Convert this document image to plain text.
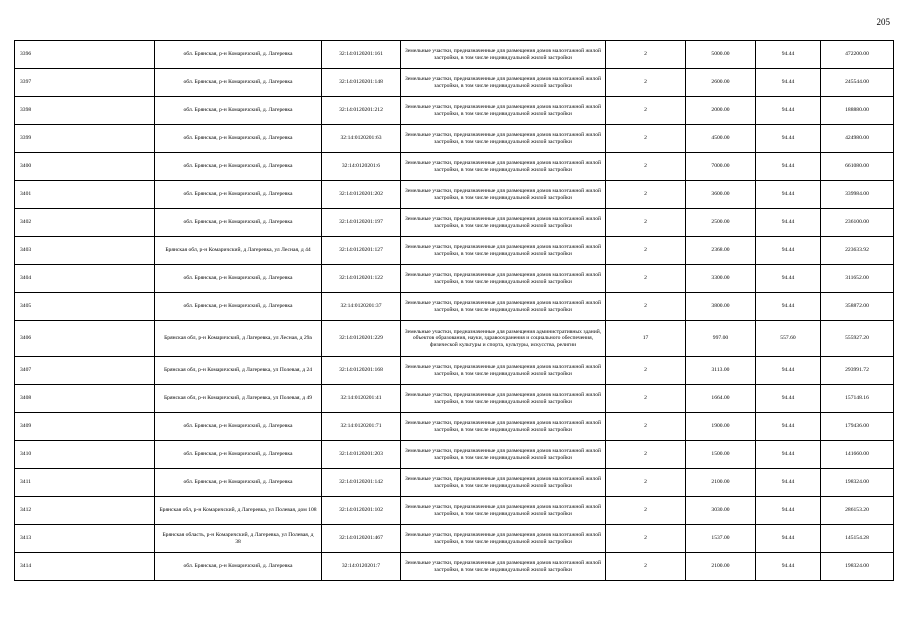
205
3396	обл. Брянская, р-н Комаричский, д. Лагеревка	32:14:0120201:161	Земельные участки, предназначенные для размещения домов малоэтажной жилой застройки, в том числе индивидуальной жилой застройки	2	5000.00	94.44	472200.00
3397	обл. Брянская, р-н Комаричский, д. Лагеревка	32:14:0120201:148	Земельные участки, предназначенные для размещения домов малоэтажной жилой застройки, в том числе индивидуальной жилой застройки	2	2600.00	94.44	245544.00
3398	обл. Брянская, р-н Комаричский, д. Лагеревка	32:14:0120201:212	Земельные участки, предназначенные для размещения домов малоэтажной жилой застройки, в том числе индивидуальной жилой застройки	2	2000.00	94.44	188880.00
3399	обл. Брянская, р-н Комаричский, д. Лагеревка	32:14:0120201:63	Земельные участки, предназначенные для размещения домов малоэтажной жилой застройки, в том числе индивидуальной жилой застройки	2	4500.00	94.44	424980.00
3400	обл. Брянская, р-н Комаричский, д. Лагеревка	32:14:0120201:6	Земельные участки, предназначенные для размещения домов малоэтажной жилой застройки, в том числе индивидуальной жилой застройки	2	7000.00	94.44	661080.00
3401	обл. Брянская, р-н Комаричский, д. Лагеревка	32:14:0120201:202	Земельные участки, предназначенные для размещения домов малоэтажной жилой застройки, в том числе индивидуальной жилой застройки	2	3600.00	94.44	339984.00
3402	обл. Брянская, р-н Комаричский, д. Лагеревка	32:14:0120201:197	Земельные участки, предназначенные для размещения домов малоэтажной жилой застройки, в том числе индивидуальной жилой застройки	2	2500.00	94.44	236100.00
3403	Брянская обл, р-н Комаричский, д Лагеревка, ул Лесная, д 44	32:14:0120201:127	Земельные участки, предназначенные для размещения домов малоэтажной жилой застройки, в том числе индивидуальной жилой застройки	2	2368.00	94.44	223633.92
3404	обл. Брянская, р-н Комаричский, д. Лагеревка	32:14:0120201:122	Земельные участки, предназначенные для размещения домов малоэтажной жилой застройки, в том числе индивидуальной жилой застройки	2	3300.00	94.44	311652.00
3405	обл. Брянская, р-н Комаричский, д. Лагеревка	32:14:0120201:37	Земельные участки, предназначенные для размещения домов малоэтажной жилой застройки, в том числе индивидуальной жилой застройки	2	3800.00	94.44	358872.00
3406	Брянская обл, р-н Комаричский, д Лагеревка, ул Лесная, д 29а	32:14:0120201:229	Земельные участки, предназначенные для размещения административных зданий, объектов образования, науки, здравоохранения и социального обеспечения, физической культуры и спорта, культуры, искусства, религии	17	997.00	557.60	555927.20
3407	Брянская обл, р-н Комаричский, д Лагеревка, ул Полевая, д 24	32:14:0120201:168	Земельные участки, предназначенные для размещения домов малоэтажной жилой застройки, в том числе индивидуальной жилой застройки	2	3113.00	94.44	293991.72
3408	Брянская обл, р-н Комаричский, д Лагеревка, ул Полевая, д 49	32:14:0120201:41	Земельные участки, предназначенные для размещения домов малоэтажной жилой застройки, в том числе индивидуальной жилой застройки	2	1664.00	94.44	157148.16
3409	обл. Брянская, р-н Комаричский, д. Лагеревка	32:14:0120201:71	Земельные участки, предназначенные для размещения домов малоэтажной жилой застройки, в том числе индивидуальной жилой застройки	2	1900.00	94.44	179436.00
3410	обл. Брянская, р-н Комаричский, д. Лагеревка	32:14:0120201:203	Земельные участки, предназначенные для размещения домов малоэтажной жилой застройки, в том числе индивидуальной жилой застройки	2	1500.00	94.44	141660.00
3411	обл. Брянская, р-н Комаричский, д. Лагеревка	32:14:0120201:142	Земельные участки, предназначенные для размещения домов малоэтажной жилой застройки, в том числе индивидуальной жилой застройки	2	2100.00	94.44	198324.00
3412	Брянская обл, р-н Комаричский, д Лагеревка, ул Полевая, дом 108	32:14:0120201:102	Земельные участки, предназначенные для размещения домов малоэтажной жилой застройки, в том числе индивидуальной жилой застройки	2	3030.00	94.44	286153.20
3413	Брянская область, р-н Комаричский, д Лагеревка, ул Полевая, д 38	32:14:0120201:467	Земельные участки, предназначенные для размещения домов малоэтажной жилой застройки, в том числе индивидуальной жилой застройки	2	1537.00	94.44	145154.28
3414	обл. Брянская, р-н Комаричский, д. Лагеревка	32:14:0120201:7	Земельные участки, предназначенные для размещения домов малоэтажной жилой застройки, в том числе индивидуальной жилой застройки	2	2100.00	94.44	198324.00
